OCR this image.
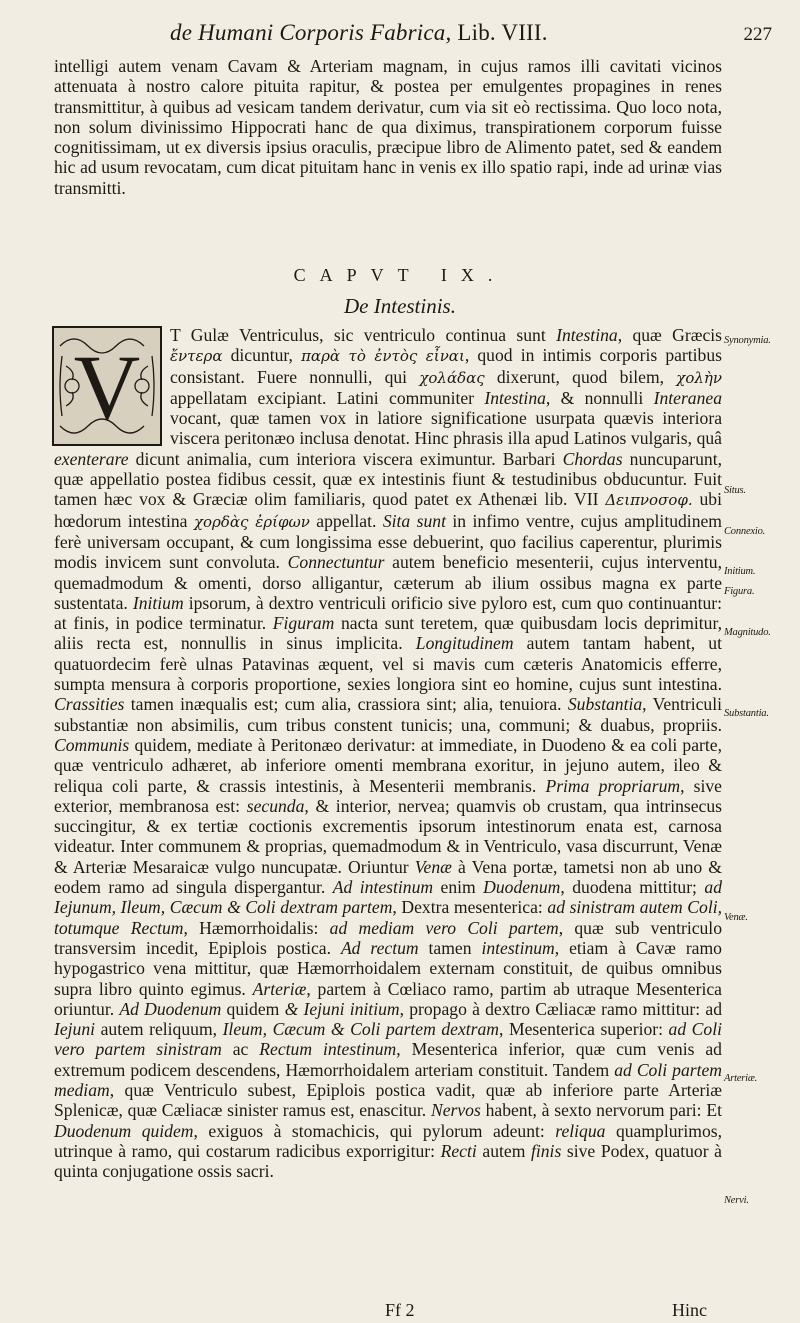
de Humani Corporis Fabrica, Lib. VIII.	227

intelligi autem venam Cavam & Arteriam magnam, in cujus ramos illi cavitati vicinos attenuata à nostro calore pituita rapitur, & postea per emulgentes propagines in renes transmittitur, à quibus ad vesicam tandem derivatur, cum via sit eò rectissima. Quo loco nota, non solum divinissimo Hippocrati hanc de qua diximus, transpirationem corporum fuisse cognitissimam, ut ex diversis ipsius oraculis, præcipue libro de Alimento patet, sed & eandem hic ad usum revocatam, cum dicat pituitam hanc in venis ex illo spatio rapi, inde ad urinæ vias transmitti.

CAPVT IX.
De Intestinis.
V

T Gulæ Ventriculus, sic ventriculo continua sunt Intestina, quæ Græcis ἔντερα dicuntur, παρὰ τὸ ἐντὸς εἶναι, quod in intimis corporis partibus consistant. Fuere nonnulli, qui χολάδας dixerunt, quod bilem, χολὴν appellatam excipiant. Latini communiter Intestina, & nonnulli Interanea vocant, quæ tamen vox in latiore significatione usurpata quævis interiora viscera peritonæo inclusa denotat. Hinc phrasis illa apud Latinos vulgaris, quâ exenterare dicunt animalia, cum interiora viscera eximuntur. Barbari Chordas nuncuparunt, quæ appellatio postea fidibus cessit, quæ ex intestinis fiunt & testudinibus obducuntur. Fuit tamen hæc vox & Græciæ olim familiaris, quod patet ex Athenæi lib. VII Δειπνοσοφ. ubi hœdorum intestina χορδὰς ἐρίφων appellat. Sita sunt in infimo ventre, cujus amplitudinem ferè universam occupant, & cum longissima esse debuerint, quo facilius caperentur, plurimis modis invicem sunt convoluta. Connectuntur autem beneficio mesenterii, cujus interventu, quemadmodum & omenti, dorso alligantur, cæterum ab ilium ossibus magna ex parte sustentata. Initium ipsorum, à dextro ventriculi orificio sive pyloro est, cum quo continuantur: at finis, in podice terminatur. Figuram nacta sunt teretem, quæ quibusdam locis deprimitur, aliis recta est, nonnullis in sinus implicita. Longitudinem autem tantam habent, ut quatuordecim ferè ulnas Patavinas æquent, vel si mavis cum cæteris Anatomicis efferre, sumpta mensura à corporis proportione, sexies longiora sint eo homine, cujus sunt intestina. Crassities tamen inæqualis est; cum alia, crassiora sint; alia, tenuiora. Substantia, Ventriculi substantiæ non absimilis, cum tribus constent tunicis; una, communi; & duabus, propriis. Communis quidem, mediate à Peritonæo derivatur: at immediate, in Duodeno & ea coli parte, quæ ventriculo adhæret, ab inferiore omenti membrana exoritur, in jejuno autem, ileo & reliqua coli parte, & crassis intestinis, à Mesenterii membranis. Prima propriarum, sive exterior, membranosa est: secunda, & interior, nervea; quamvis ob crustam, qua intrinsecus succingitur, & ex tertiæ coctionis excrementis ipsorum intestinorum enata est, carnosa videatur. Inter communem & proprias, quemadmodum & in Ventriculo, vasa discurrunt, Venæ & Arteriæ Mesaraicæ vulgo nuncupatæ. Oriuntur Venæ à Vena portæ, tametsi non ab uno & eodem ramo ad singula dispergantur. Ad intestinum enim Duodenum, duodena mittitur; ad Iejunum, Ileum, Cæcum & Coli dextram partem, Dextra mesenterica: ad sinistram autem Coli, totumque Rectum, Hæmorrhoidalis: ad mediam vero Coli partem, quæ sub ventriculo transversim incedit, Epiplois postica. Ad rectum tamen intestinum, etiam à Cavæ ramo hypogastrico vena mittitur, quæ Hæmorrhoidalem externam constituit, de quibus omnibus supra libro quinto egimus. Arteriæ, partem à Cœliaco ramo, partim ab utraque Mesenterica oriuntur. Ad Duodenum quidem & Iejuni initium, propago à dextro Cæliacæ ramo mittitur: ad Iejuni autem reliquum, Ileum, Cæcum & Coli partem dextram, Mesenterica superior: ad Coli vero partem sinistram ac Rectum intestinum, Mesenterica inferior, quæ cum venis ad extremum podicem descendens, Hæmorrhoidalem arteriam constituit. Tandem ad Coli partem mediam, quæ Ventriculo subest, Epiplois postica vadit, quæ ab inferiore parte Arteriæ Splenicæ, quæ Cæliacæ sinister ramus est, enascitur. Nervos habent, à sexto nervorum pari: Et Duodenum quidem, exiguos à stomachicis, qui pylorum adeunt: reliqua quamplurimos, utrinque à ramo, qui costarum radicibus exporrigitur: Recti autem finis sive Podex, quatuor à quinta conjugatione ossis sacri.

Synonymia.
Situs.
Connexio.
Initium.
Figura.
Magnitudo.
Substantia.
Venæ.
Arteriæ.
Nervi.
Ff 2	Hinc
